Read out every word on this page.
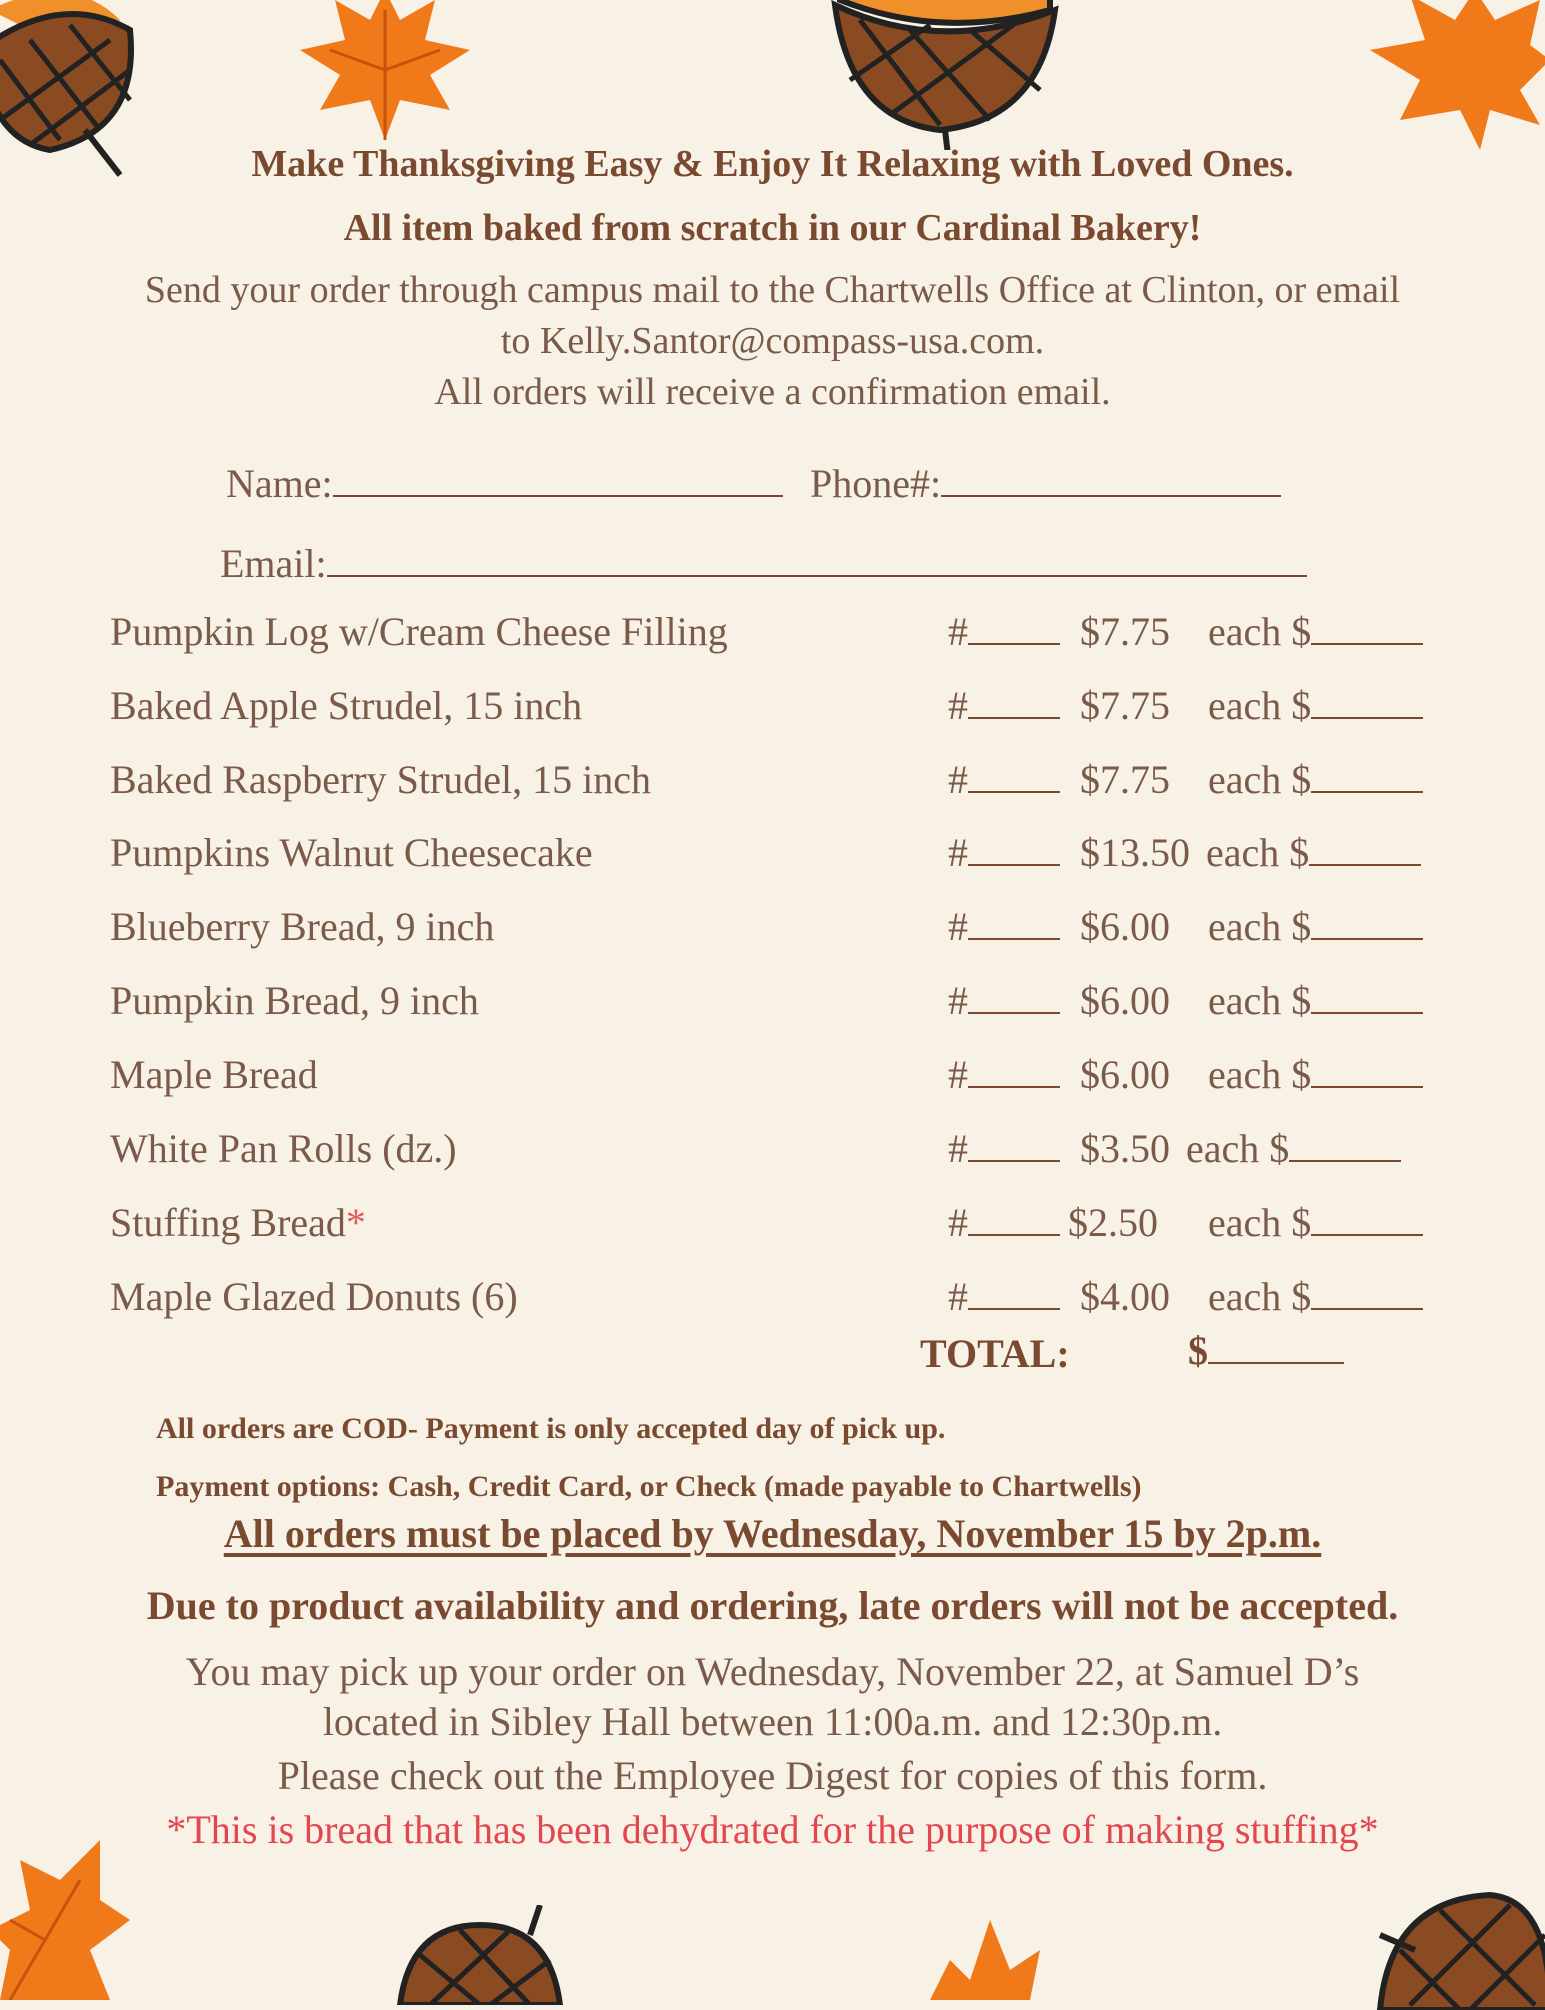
Make Thanksgiving Easy & Enjoy It Relaxing with Loved Ones.
All item baked from scratch in our Cardinal Bakery!
Send your order through campus mail to the Chartwells Office at Clinton, or email
to Kelly.Santor@compass-usa.com.
All orders will receive a confirmation email.
Name:	Phone#:
Email:
Pumpkin Log w/Cream Cheese Filling	#	$7.75 each $
Baked Apple Strudel, 15 inch	#	$7.75 each $
Baked Raspberry Strudel, 15 inch	#	$7.75 each $
Pumpkins Walnut Cheesecake	#	$13.50 each $
Blueberry Bread, 9 inch	#	$6.00 each $
Pumpkin Bread, 9 inch	#	$6.00 each $
Maple Bread	#	$6.00 each $
White Pan Rolls (dz.)	#	$3.50 each $
Stuffing Bread*	#	$2.50 each $
Maple Glazed Donuts (6)	#	$4.00 each $
TOTAL:	$
All orders are COD- Payment is only accepted day of pick up.
Payment options: Cash, Credit Card, or Check (made payable to Chartwells)
All orders must be placed by Wednesday, November 15 by 2p.m.
Due to product availability and ordering, late orders will not be accepted.
You may pick up your order on Wednesday, November 22, at Samuel D’s
located in Sibley Hall between 11:00a.m. and 12:30p.m.
Please check out the Employee Digest for copies of this form.
*This is bread that has been dehydrated for the purpose of making stuffing*
